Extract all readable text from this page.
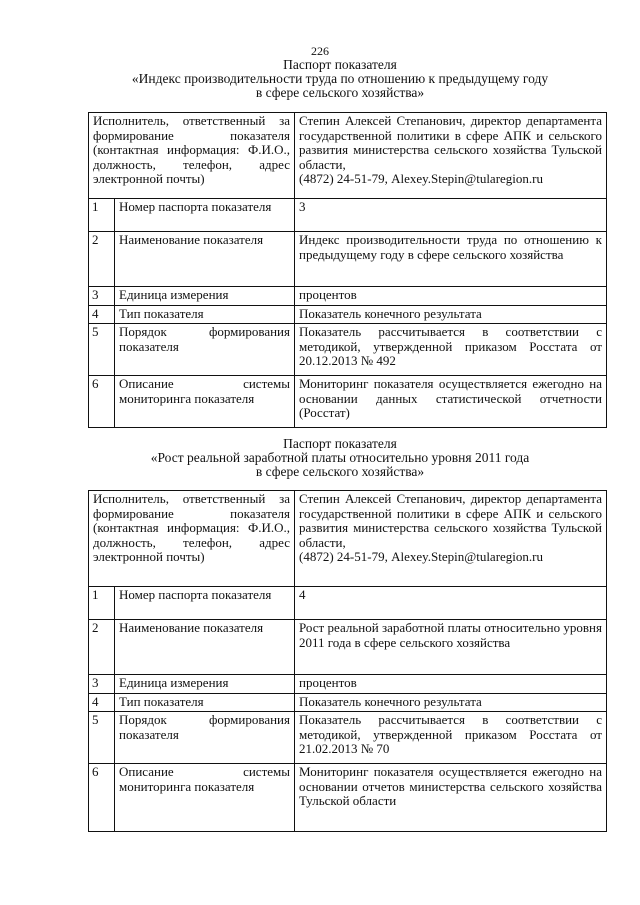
226
Паспорт показателя
«Индекс производительности труда по отношению к предыдущему году
в сфере сельского хозяйства»
Исполнитель, ответственный за формирование показателя (контактная информация: Ф.И.О., должность, телефон, адрес электронной почты)		Степин Алексей Степанович, директор департамента государственной политики в сфере АПК и сельского развития министерства сельского хозяйства Тульской области,
(4872) 24-51-79, Alexey.Stepin@tularegion.ru
1	Номер паспорта показателя	3
2	Наименование показателя	Индекс производительности труда по отношению к предыдущему году в сфере сельского хозяйства
3	Единица измерения	процентов
4	Тип показателя	Показатель конечного результата
5	Порядок формирования показателя	Показатель рассчитывается в соответствии с методикой, утвержденной приказом Росстата от 20.12.2013 № 492
6	Описание системы мониторинга показателя	Мониторинг показателя осуществляется ежегодно на основании данных статистической отчетности (Росстат)
Паспорт показателя
«Рост реальной заработной платы относительно уровня 2011 года
в сфере сельского хозяйства»
Исполнитель, ответственный за формирование показателя (контактная информация: Ф.И.О., должность, телефон, адрес электронной почты)		Степин Алексей Степанович, директор департамента государственной политики в сфере АПК и сельского развития министерства сельского хозяйства Тульской области,
(4872) 24-51-79, Alexey.Stepin@tularegion.ru
1	Номер паспорта показателя	4
2	Наименование показателя	Рост реальной заработной платы относительно уровня 2011 года в сфере сельского хозяйства
3	Единица измерения	процентов
4	Тип показателя	Показатель конечного результата
5	Порядок формирования показателя	Показатель рассчитывается в соответствии с методикой, утвержденной приказом Росстата от 21.02.2013 № 70
6	Описание системы мониторинга показателя	Мониторинг показателя осуществляется ежегодно на основании отчетов министерства сельского хозяйства Тульской области
